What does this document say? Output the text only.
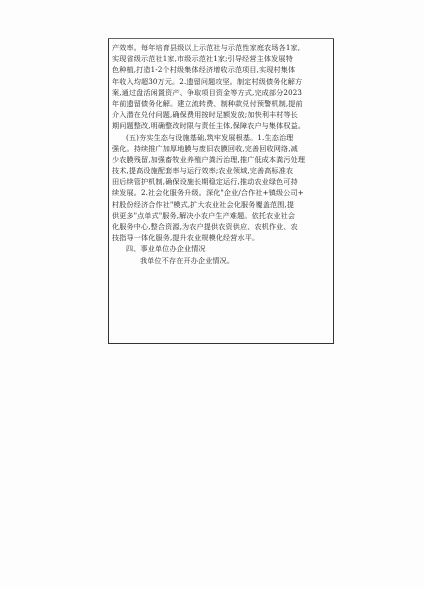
产效率。每年培育县级以上示范社与示范性家庭农场各1家,
实现省级示范社1家,市级示范社1家;引导经营主体发展特
色种植,打造1-2个村级集体经济增收示范项目,实现村集体
年收入均超30万元。2.遗留问题攻坚。制定村级债务化解方
案,通过盘活闲置资产、争取项目资金等方式,完成部分2023
年前遗留债务化解。建立流转费、制种款兑付预警机制,提前
介入潜在兑付问题,确保费用按时足额发放;加快利丰村等长
期问题整改,明确整改时限与责任主体,保障农户与集体权益。
(五)夯实生态与设施基础,筑牢发展根基。1.生态治理
强化。持续推广加厚地膜与废旧农膜回收,完善回收网络,减
少农膜残留,加强畜牧业养殖户粪污治理,推广低成本粪污处理
技术,提高设施配套率与运行效率;农业领域,完善高标准农
田后续管护机制,确保设施长期稳定运行,推动农业绿色可持
续发展。2.社会化服务升级。深化"企业/合作社+镇级公司+
村股份经济合作社"模式,扩大农业社会化服务覆盖范围,提
供更多"点单式"服务,解决小农户生产难题。依托农业社会
化服务中心,整合资源,为农户提供农资供应、农机作业、农
技指导一体化服务,提升农业规模化经营水平。
四、事业单位办企业情况
我单位不存在开办企业情况。
